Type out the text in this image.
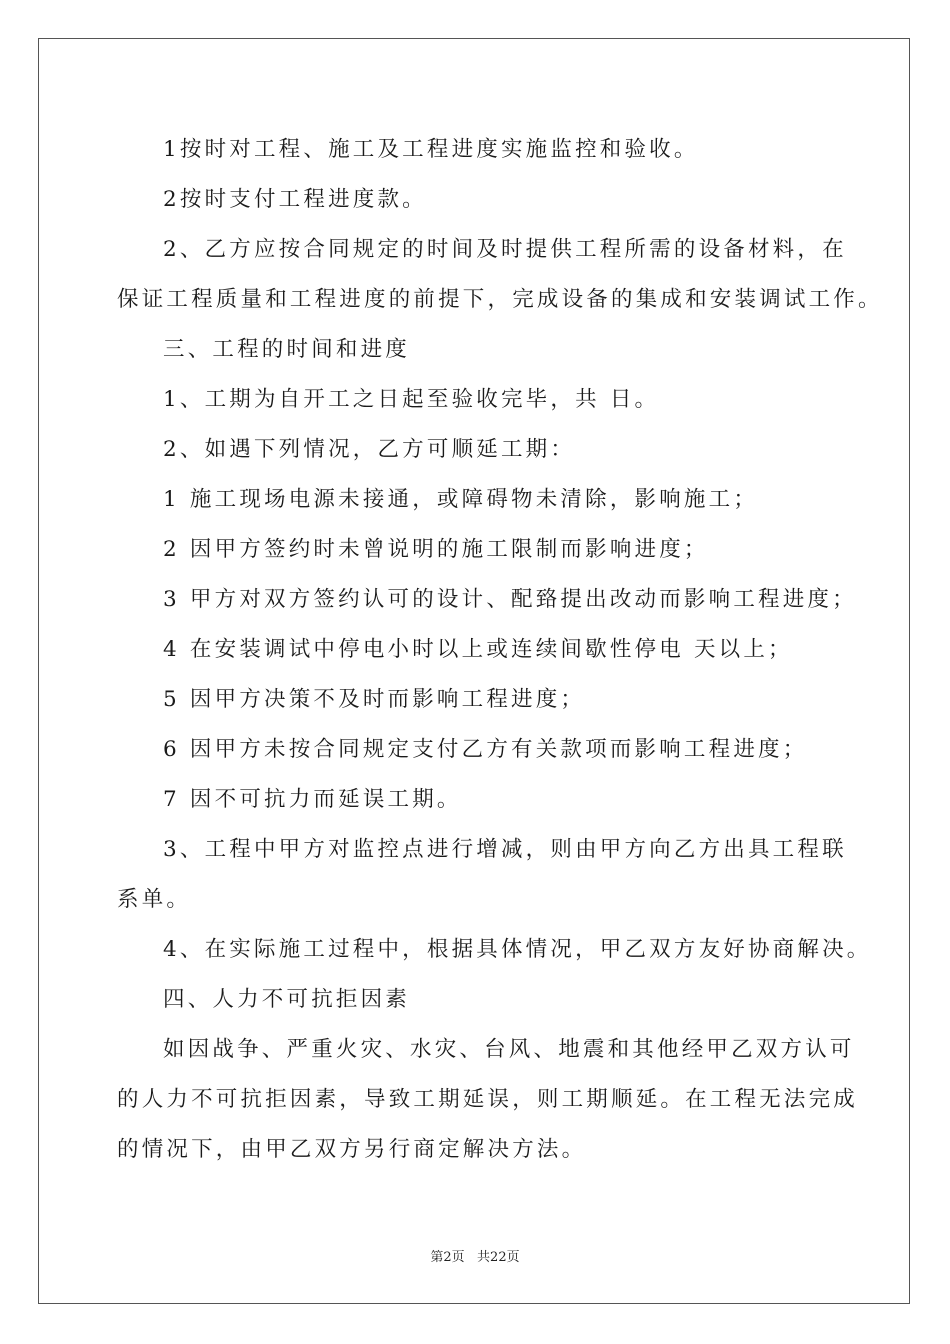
1按时对工程、施工及工程进度实施监控和验收。
2按时支付工程进度款。
2、乙方应按合同规定的时间及时提供工程所需的设备材料，在
保证工程质量和工程进度的前提下，完成设备的集成和安装调试工作。
三、工程的时间和进度
1、工期为自开工之日起至验收完毕，共 日。
2、如遇下列情况，乙方可顺延工期：
1 施工现场电源未接通，或障碍物未清除，影响施工；
2 因甲方签约时未曾说明的施工限制而影响进度；
3 甲方对双方签约认可的设计、配臵提出改动而影响工程进度；
4 在安装调试中停电小时以上或连续间歇性停电 天以上；
5 因甲方决策不及时而影响工程进度；
6 因甲方未按合同规定支付乙方有关款项而影响工程进度；
7 因不可抗力而延误工期。
3、工程中甲方对监控点进行增减，则由甲方向乙方出具工程联
系单。
4、在实际施工过程中，根据具体情况，甲乙双方友好协商解决。
四、人力不可抗拒因素
如因战争、严重火灾、水灾、台风、地震和其他经甲乙双方认可
的人力不可抗拒因素，导致工期延误，则工期顺延。在工程无法完成
的情况下，由甲乙双方另行商定解决方法。
第2页   共22页
